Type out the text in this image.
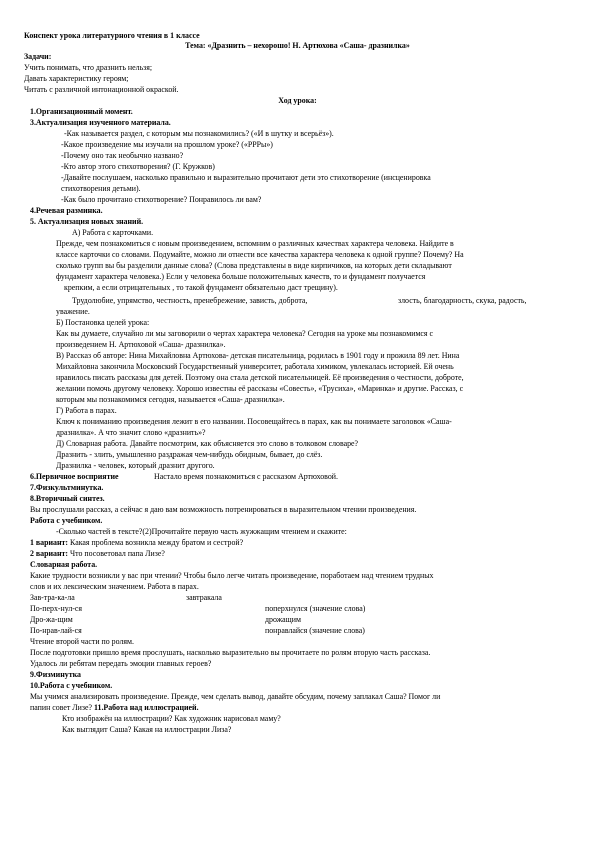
Конспект урока литературного чтения в 1 классе
Тема: «Дразнить – нехорошо! Н. Артюхова «Саша- дразнилка»
Задачи:
Учить понимать, что дразнить нельзя;
Давать характеристику героям;
Читать с различной интонационной окраской.
Ход урока:
1.Организационный момент.
3.Актуализация изученного материала.
-Как называется раздел, с которым мы познакомились? («И в шутку и всерьёз»).
-Какое произведение мы изучали на прошлом уроке? («РРРы»)
-Почему оно так необычно названо?
-Кто автор этого стихотворения? (Г. Кружков)
-Давайте послушаем, насколько правильно и выразительно прочитают дети это стихотворение (инсценировка
стихотворения детьми).
-Как было прочитано стихотворение? Понравилось ли вам?
4.Речевая разминка.
5. Актуализация новых знаний.
А) Работа с карточками.
Прежде, чем познакомиться с новым произведением, вспомним о различных качествах характера человека. Найдите в
классе карточки со словами. Подумайте, можно ли отнести все качества характера человека к одной группе? Почему? На
сколько групп вы бы разделили данные слова? (Слова представлены в виде кирпичиков, на которых дети складывают
фундамент характера человека.) Если у человека больше положительных качеств, то и фундамент получается
крепким, а если отрицательных , то такой фундамент обязательно даст трещину).
Трудолюбие, упрямство, честность, пренебрежение, зависть, доброта,	злость, благодарность, скука, радость,
уважение.
Б) Постановка целей урока:
Как вы думаете, случайно ли мы заговорили о чертах характера человека? Сегодня на уроке мы познакомимся с
произведением Н. Артюховой «Саша- дразнилка».
В) Рассказ об авторе: Нина Михайловна Артюхова- детская писательница, родилась в 1901 году и прожила 89 лет. Нина
Михайловна закончила Московский Государственный университет, работала химиком, увлекалась историей. Ей очень
нравилось писать рассказы для детей. Поэтому она стала детской писательницей. Её произведения о честности, доброте,
желании помочь другому человеку. Хорошо известны её рассказы «Совесть», «Трусиха», «Маринка» и другие. Рассказ, с
которым мы познакомимся сегодня, называется «Саша- дразнилка».
Г) Работа в парах.
Ключ к пониманию произведения лежит в его названии. Посовещайтесь в парах, как вы понимаете заголовок «Саша-
дразнилка». А что значит слово «дразнить»?
Д) Словарная работа. Давайте посмотрим, как объясняется это слово в толковом словаре?
Дразнить - злить, умышленно раздражая чем-нибудь обидным, бывает, до слёз.
Дразнилка - человек, который дразнит другого.
6.Первичное восприятие	Настало время познакомиться с рассказом Артюховой.
7.Физкультминутка.
8.Вторичный синтез.
Вы прослушали рассказ, а сейчас я даю вам возможность потренироваться в выразительном чтении произведения.
Работа с учебником.
-Сколько частей в тексте?(2)Прочитайте первую часть жужжащим чтением и скажите:
1 вариант: Какая проблема возникла между братом и сестрой?
2 вариант: Что посоветовал папа Лизе?
Словарная работа.
Какие трудности возникли у вас при чтении? Чтобы было легче читать произведение, поработаем над чтением трудных
слов и их лексическим значением. Работа в парах.
Зав-тра-ка-ла	завтракала
По-перх-нул-ся	поперхнулся (значение слова)
Дро-жа-щим	дрожащим
По-нрав-лай-ся	понравлайся (значение слова)
Чтение второй части по ролям.
После подготовки пришло время прослушать, насколько выразительно вы прочитаете по ролям вторую часть рассказа.
Удалось ли ребятам передать эмоции главных героев?
9.Физминутка
10.Работа с учебником.
Мы учимся анализировать произведение. Прежде, чем сделать вывод, давайте обсудим, почему заплакал Саша? Помог ли
папин совет Лизе? 11.Работа над иллюстрацией.
Кто изображён на иллюстрации? Как художник нарисовал маму?
Как выглядит Саша? Какая на иллюстрации Лиза?
